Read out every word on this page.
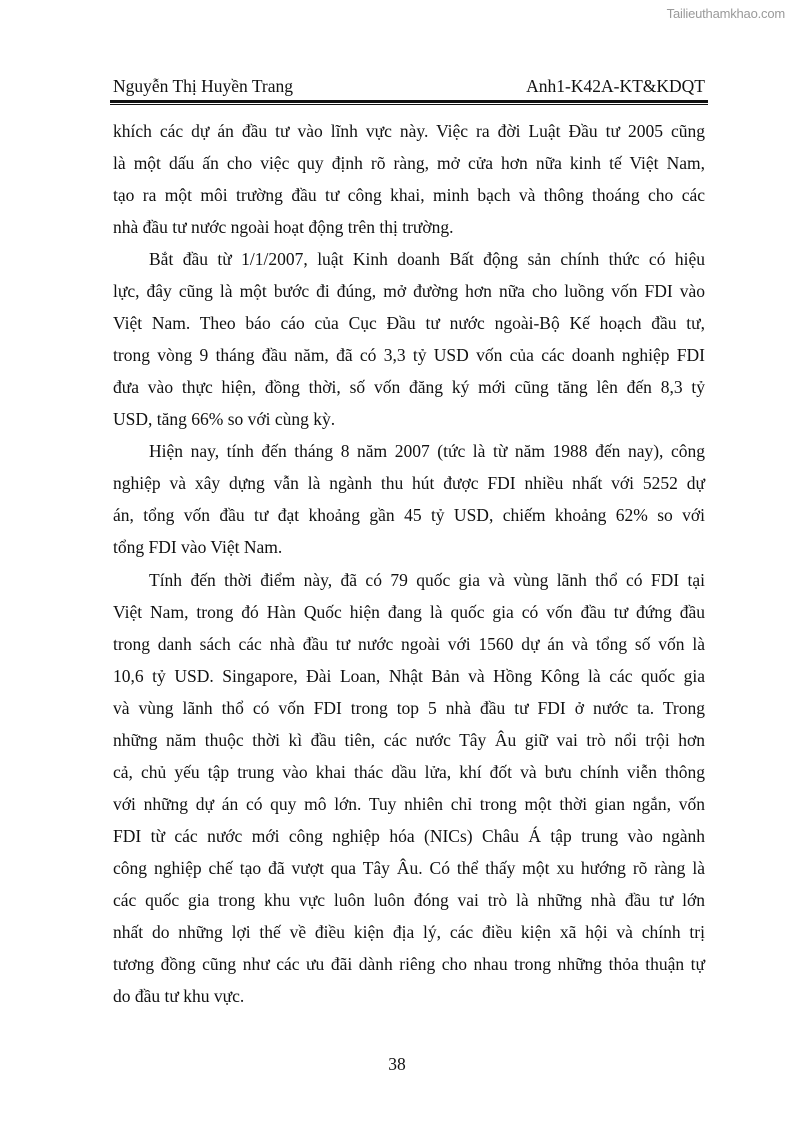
Tailieuthamkhao.com
Nguyễn Thị Huyền Trang	Anh1-K42A-KT&KDQT
khích các dự án đầu tư vào lĩnh vực này. Việc ra đời Luật Đầu tư 2005 cũng
là một dấu ấn cho việc quy định rõ ràng, mở cửa hơn nữa kinh tế Việt Nam,
tạo ra một môi trường đầu tư công khai, minh bạch và thông thoáng cho các
nhà đầu tư nước ngoài hoạt động trên thị trường.
Bắt đầu từ 1/1/2007, luật Kinh doanh Bất động sản chính thức có hiệu
lực, đây cũng là một bước đi đúng, mở đường hơn nữa cho luồng vốn FDI vào
Việt Nam. Theo báo cáo của Cục Đầu tư nước ngoài-Bộ Kế hoạch đầu tư,
trong vòng 9 tháng đầu năm, đã có 3,3 tỷ USD vốn của các doanh nghiệp FDI
đưa vào thực hiện, đồng thời, số vốn đăng ký mới cũng tăng lên đến 8,3 tỷ
USD, tăng 66% so với cùng kỳ.
Hiện nay, tính đến tháng 8 năm 2007 (tức là từ năm 1988 đến nay), công
nghiệp và xây dựng vẫn là ngành thu hút được FDI nhiều nhất với 5252 dự
án, tổng vốn đầu tư đạt khoảng gần 45 tỷ USD, chiếm khoảng 62% so với
tổng FDI vào Việt Nam.
Tính đến thời điểm này, đã có 79 quốc gia và vùng lãnh thổ có FDI tại
Việt Nam, trong đó Hàn Quốc hiện đang là quốc gia có vốn đầu tư đứng đầu
trong danh sách các nhà đầu tư nước ngoài với 1560 dự án và tổng số vốn là
10,6 tỷ USD. Singapore, Đài Loan, Nhật Bản và Hồng Kông là các quốc gia
và vùng lãnh thổ có vốn FDI trong top 5 nhà đầu tư FDI ở nước ta. Trong
những năm thuộc thời kì đầu tiên, các nước Tây Âu giữ vai trò nổi trội hơn
cả, chủ yếu tập trung vào khai thác dầu lửa, khí đốt và bưu chính viễn thông
với những dự án có quy mô lớn. Tuy nhiên chỉ trong một thời gian ngắn, vốn
FDI từ các nước mới công nghiệp hóa (NICs) Châu Á tập trung vào ngành
công nghiệp chế tạo đã vượt qua Tây Âu. Có thể thấy một xu hướng rõ ràng là
các quốc gia trong khu vực luôn luôn đóng vai trò là những nhà đầu tư lớn
nhất do những lợi thế về điều kiện địa lý, các điều kiện xã hội và chính trị
tương đồng cũng như các ưu đãi dành riêng cho nhau trong những thỏa thuận tự
do đầu tư khu vực.
38
